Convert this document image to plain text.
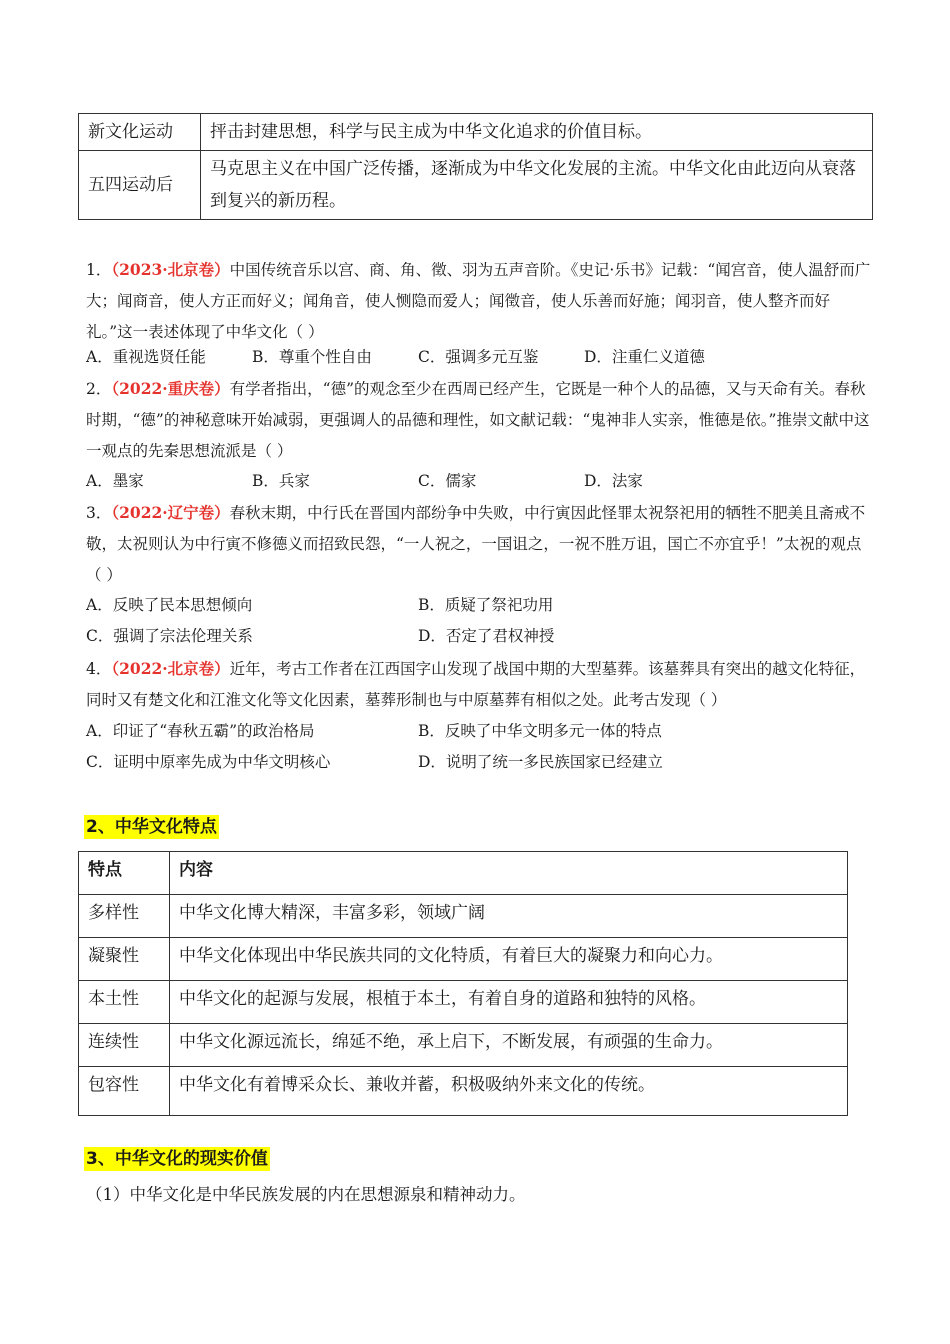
新文化运动	抨击封建思想，科学与民主成为中华文化追求的价值目标。
五四运动后	马克思主义在中国广泛传播，逐渐成为中华文化发展的主流。中华文化由此迈向从衰落到复兴的新历程。
1．（2023·北京卷）中国传统音乐以宫、商、角、徵、羽为五声音阶。《史记·乐书》记载：“闻宫音，使人温舒而广大；闻商音，使人方正而好义；闻角音，使人恻隐而爱人；闻徵音，使人乐善而好施；闻羽音，使人整齐而好礼。”这一表述体现了中华文化（ ）
A．重视选贤任能	B．尊重个性自由	C．强调多元互鉴	D．注重仁义道德
2．（2022·重庆卷）有学者指出，“德”的观念至少在西周已经产生，它既是一种个人的品德，又与天命有关。春秋时期，“德”的神秘意味开始减弱，更强调人的品德和理性，如文献记载：“鬼神非人实亲，惟德是依。”推崇文献中这一观点的先秦思想流派是（ ）
A．墨家	B．兵家	C．儒家	D．法家
3．（2022·辽宁卷）春秋末期，中行氏在晋国内部纷争中失败，中行寅因此怪罪太祝祭祀用的牺牲不肥美且斋戒不敬，太祝则认为中行寅不修德义而招致民怨，“一人祝之，一国诅之，一祝不胜万诅，国亡不亦宜乎！”太祝的观点（ ）
A．反映了民本思想倾向	B．质疑了祭祀功用
C．强调了宗法伦理关系	D．否定了君权神授
4．（2022·北京卷）近年，考古工作者在江西国字山发现了战国中期的大型墓葬。该墓葬具有突出的越文化特征，同时又有楚文化和江淮文化等文化因素，墓葬形制也与中原墓葬有相似之处。此考古发现（ ）
A．印证了“春秋五霸”的政治格局	B．反映了中华文明多元一体的特点
C．证明中原率先成为中华文明核心	D．说明了统一多民族国家已经建立
2、中华文化特点
特点	内容
多样性	中华文化博大精深，丰富多彩，领域广阔
凝聚性	中华文化体现出中华民族共同的文化特质，有着巨大的凝聚力和向心力。
本土性	中华文化的起源与发展，根植于本土，有着自身的道路和独特的风格。
连续性	中华文化源远流长，绵延不绝，承上启下，不断发展，有顽强的生命力。
包容性	中华文化有着博采众长、兼收并蓄，积极吸纳外来文化的传统。
3、中华文化的现实价值
（1）中华文化是中华民族发展的内在思想源泉和精神动力。
